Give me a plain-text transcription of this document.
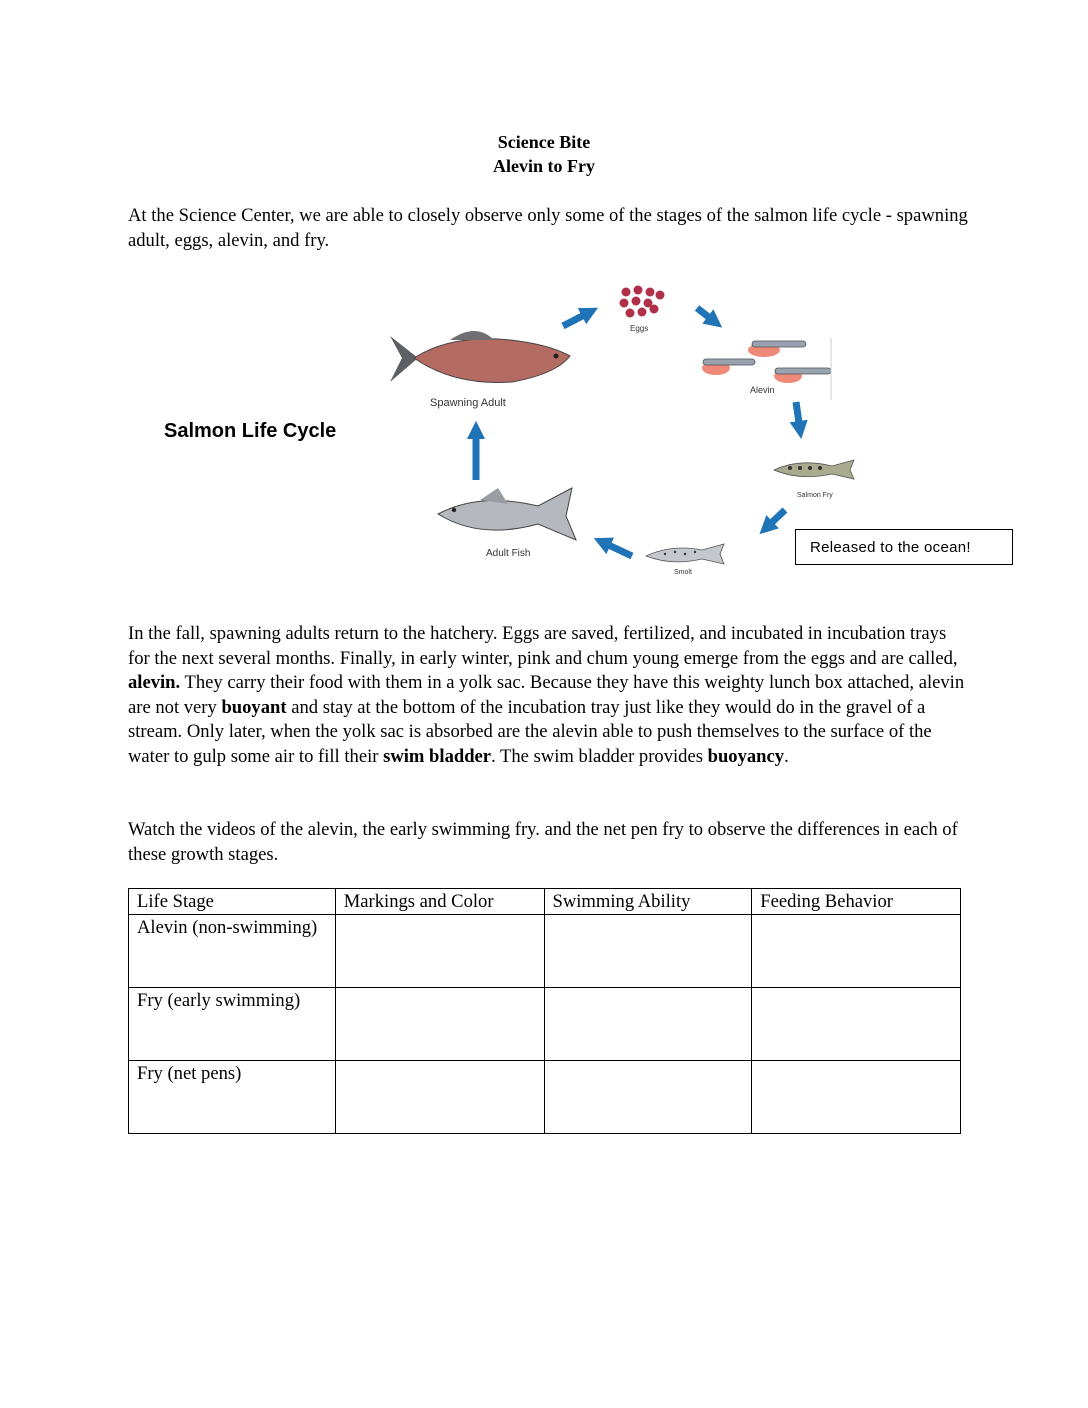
Science Bite
Alevin to Fry

At the Science Center, we are able to closely observe only some of the stages of the salmon life cycle - spawning adult, eggs, alevin, and fry.

Salmon Life Cycle
Eggs
Alevin
Salmon Fry
Smolt
Adult Fish
Spawning Adult
Released to the ocean!

In the fall, spawning adults return to the hatchery. Eggs are saved, fertilized, and incubated in incubation trays for the next several months. Finally, in early winter, pink and chum young emerge from the eggs and are called, alevin. They carry their food with them in a yolk sac. Because they have this weighty lunch box attached, alevin are not very buoyant and stay at the bottom of the incubation tray just like they would do in the gravel of a stream. Only later, when the yolk sac is absorbed are the alevin able to push themselves to the surface of the water to gulp some air to fill their swim bladder. The swim bladder provides buoyancy.

Watch the videos of the alevin, the early swimming fry. and the net pen fry to observe the differences in each of these growth stages.

Life Stage	Markings and Color	Swimming Ability	Feeding Behavior
Alevin (non-swimming)			
Fry (early swimming)			
Fry (net pens)			
